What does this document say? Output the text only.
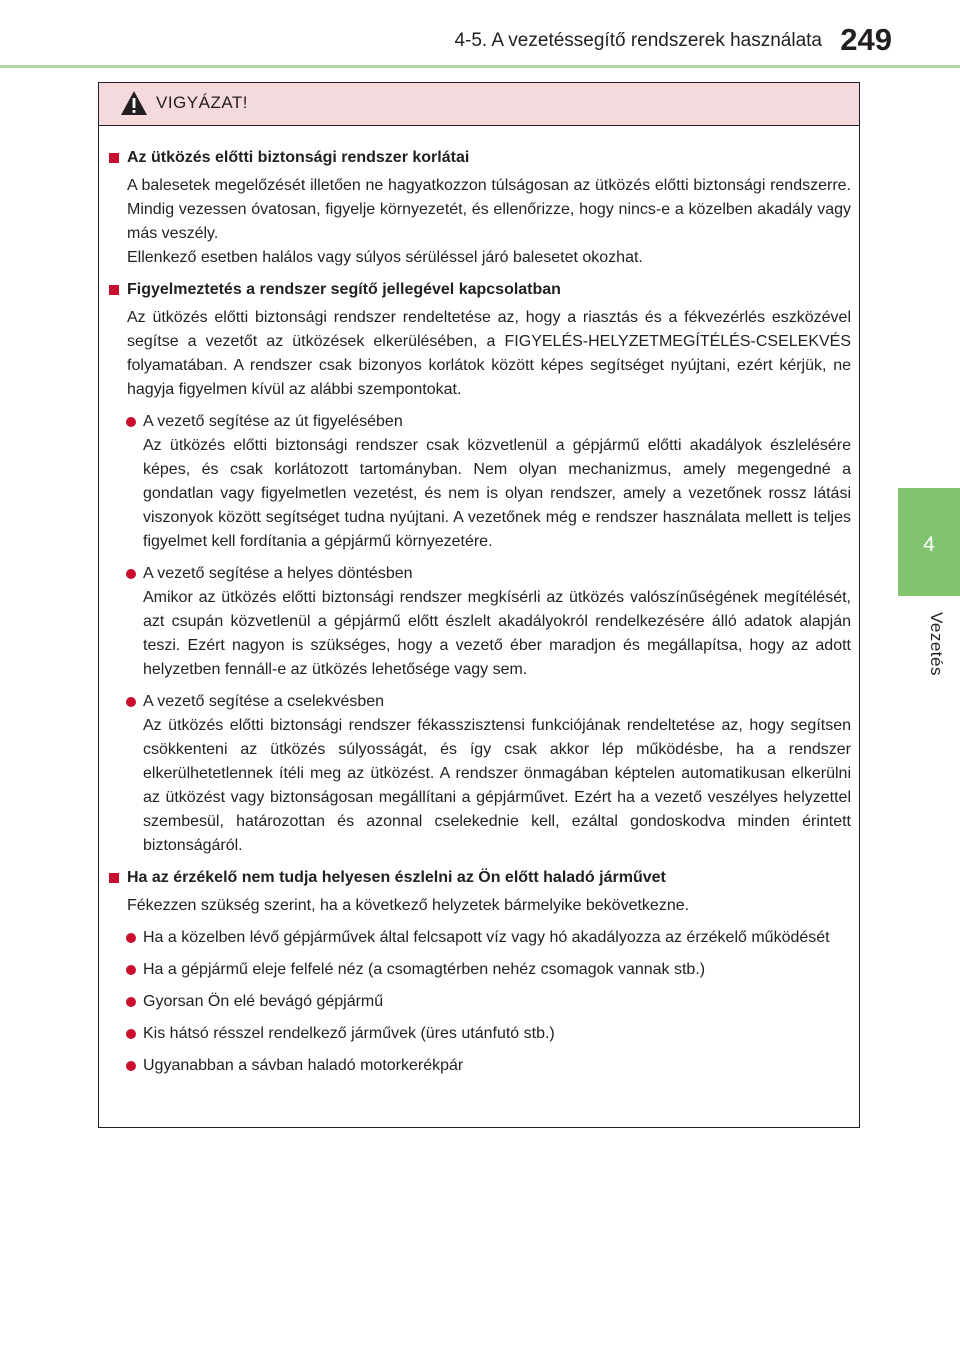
4-5. A vezetéssegítő rendszerek használata 249
4
Vezetés
VIGYÁZAT!
Az ütközés előtti biztonsági rendszer korlátai

A balesetek megelőzését illetően ne hagyatkozzon túlságosan az ütközés előtti biztonsági rendszerre. Mindig vezessen óvatosan, figyelje környezetét, és ellenőrizze, hogy nincs-e a közelben akadály vagy más veszély.

Ellenkező esetben halálos vagy súlyos sérüléssel járó balesetet okozhat.

Figyelmeztetés a rendszer segítő jellegével kapcsolatban

Az ütközés előtti biztonsági rendszer rendeltetése az, hogy a riasztás és a fékvezérlés eszközével segítse a vezetőt az ütközések elkerülésében, a FIGYELÉS-HELYZETMEGÍTÉLÉS-CSELEKVÉS folyamatában. A rendszer csak bizonyos korlátok között képes segítséget nyújtani, ezért kérjük, ne hagyja figyelmen kívül az alábbi szempontokat.

A vezető segítése az út figyelésében
Az ütközés előtti biztonsági rendszer csak közvetlenül a gépjármű előtti akadályok észlelésére képes, és csak korlátozott tartományban. Nem olyan mechanizmus, amely megengedné a gondatlan vagy figyelmetlen vezetést, és nem is olyan rendszer, amely a vezetőnek rossz látási viszonyok között segítséget tudna nyújtani. A vezetőnek még e rendszer használata mellett is teljes figyelmet kell fordítania a gépjármű környezetére.
A vezető segítése a helyes döntésben
Amikor az ütközés előtti biztonsági rendszer megkísérli az ütközés valószínűségének megítélését, azt csupán közvetlenül a gépjármű előtt észlelt akadályokról rendelkezésére álló adatok alapján teszi. Ezért nagyon is szükséges, hogy a vezető éber maradjon és megállapítsa, hogy az adott helyzetben fennáll-e az ütközés lehetősége vagy sem.
A vezető segítése a cselekvésben
Az ütközés előtti biztonsági rendszer fékasszisztensi funkciójának rendeltetése az, hogy segítsen csökkenteni az ütközés súlyosságát, és így csak akkor lép működésbe, ha a rendszer elkerülhetetlennek ítéli meg az ütközést. A rendszer önmagában képtelen automatikusan elkerülni az ütközést vagy biztonságosan megállítani a gépjárművet. Ezért ha a vezető veszélyes helyzettel szembesül, határozottan és azonnal cselekednie kell, ezáltal gondoskodva minden érintett biztonságáról.
Ha az érzékelő nem tudja helyesen észlelni az Ön előtt haladó járművet

Fékezzen szükség szerint, ha a következő helyzetek bármelyike bekövetkezne.

Ha a közelben lévő gépjárművek által felcsapott víz vagy hó akadályozza az érzékelő működését
Ha a gépjármű eleje felfelé néz (a csomagtérben nehéz csomagok vannak stb.)
Gyorsan Ön elé bevágó gépjármű
Kis hátsó résszel rendelkező járművek (üres utánfutó stb.)
Ugyanabban a sávban haladó motorkerékpár
